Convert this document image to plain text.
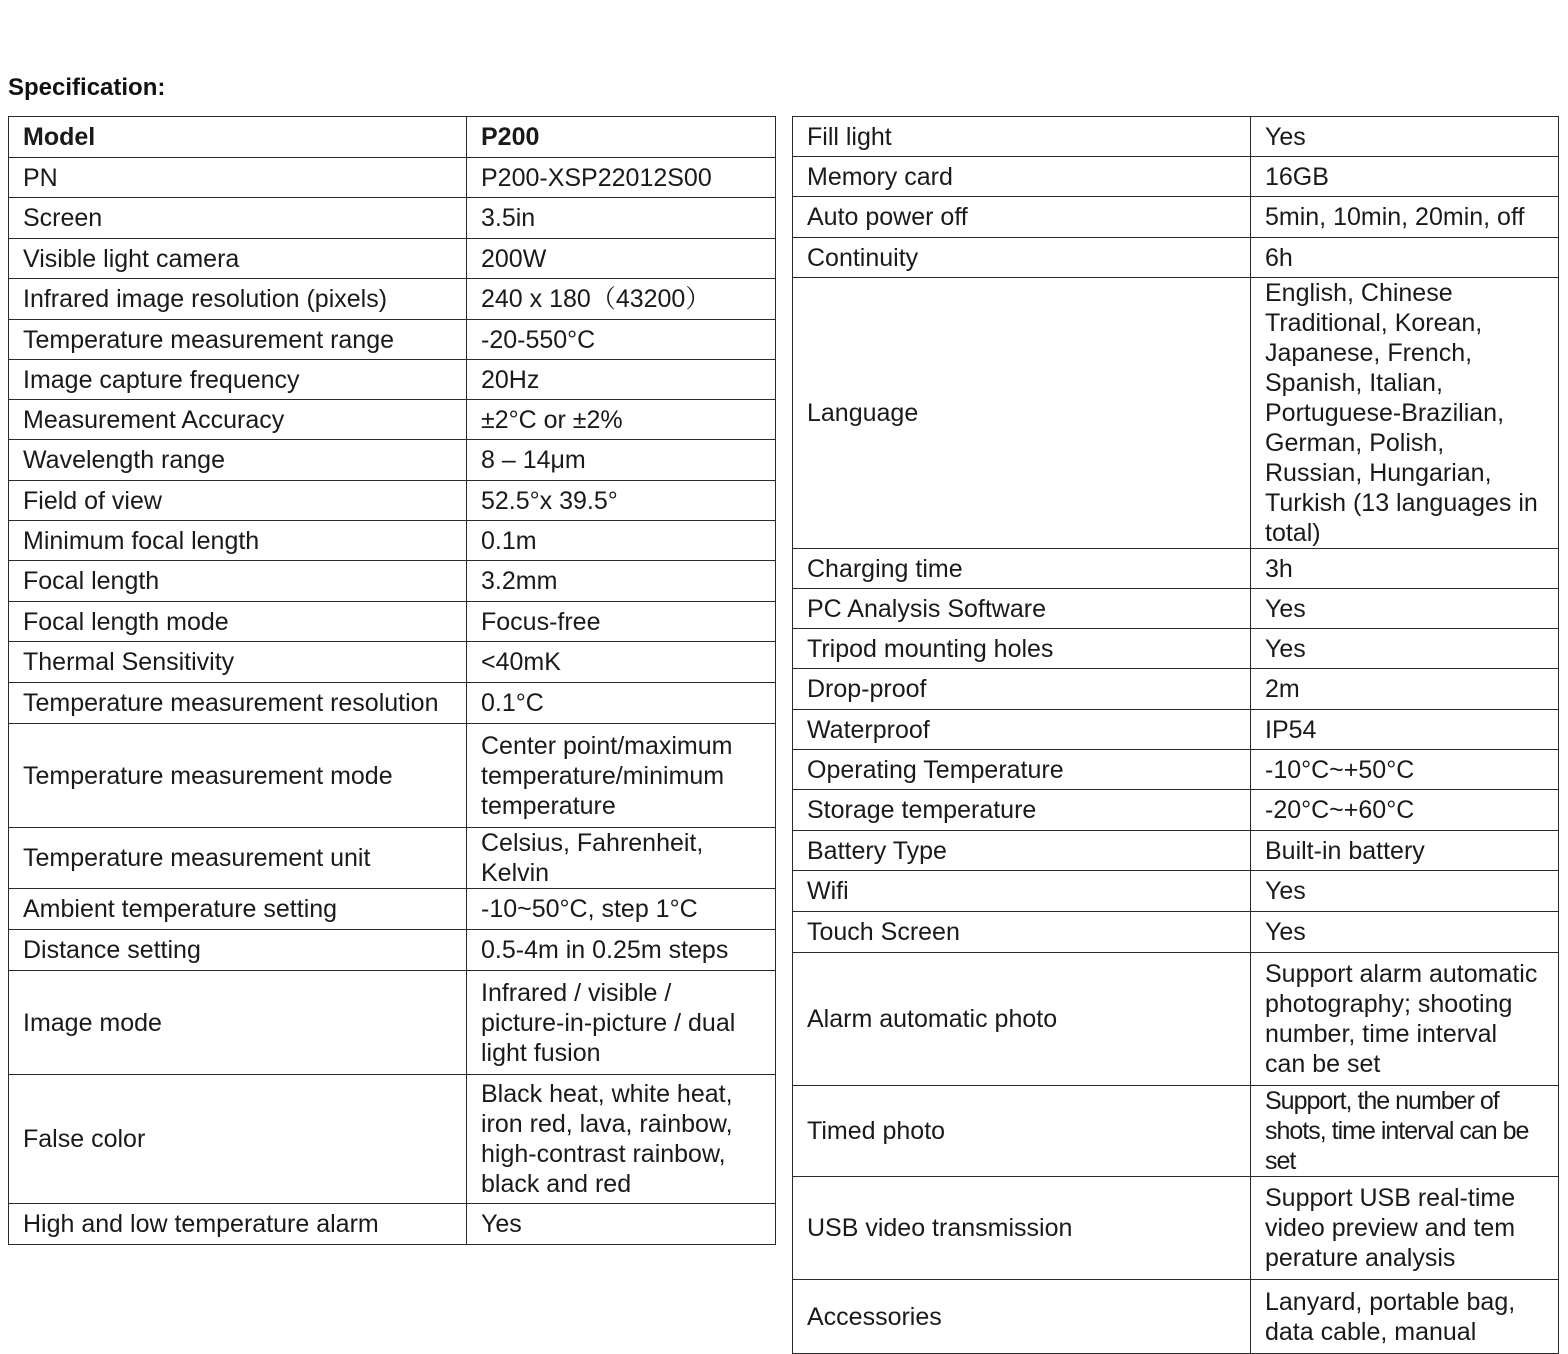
Specification:
Model	P200
PN	P200-XSP22012S00
Screen	3.5in
Visible light camera	200W
Infrared image resolution (pixels)	240 x 180（43200）
Temperature measurement range	-20-550°C
Image capture frequency	20Hz
Measurement Accuracy	±2°C or ±2%
Wavelength range	8 – 14μm
Field of view	52.5°x 39.5°
Minimum focal length	0.1m
Focal length	3.2mm
Focal length mode	Focus-free
Thermal Sensitivity	<40mK
Temperature measurement resolution	0.1°C
Temperature measurement mode	Center point/maximum temperature/minimum temperature
Temperature measurement unit	Celsius, Fahrenheit, Kelvin
Ambient temperature setting	-10~50°C, step 1°C
Distance setting	0.5-4m in 0.25m steps
Image mode	Infrared / visible / picture-in-picture / dual light fusion
False color	Black heat, white heat, iron red, lava, rainbow, high-contrast rainbow, black and red
High and low temperature alarm	Yes
Fill light	Yes
Memory card	16GB
Auto power off	5min, 10min, 20min, off
Continuity	6h
Language	English, Chinese Traditional, Korean, Japanese, French, Spanish, Italian, Portuguese-Brazilian, German, Polish, Russian, Hungarian, Turkish (13 languages in total)
Charging time	3h
PC Analysis Software	Yes
Tripod mounting holes	Yes
Drop-proof	2m
Waterproof	IP54
Operating Temperature	-10°C~+50°C
Storage temperature	-20°C~+60°C
Battery Type	Built-in battery
Wifi	Yes
Touch Screen	Yes
Alarm automatic photo	Support alarm automatic photography; shooting number, time interval can be set
Timed photo	Support, the number of shots, time interval can be set
USB video transmission	Support USB real-time video preview and tem perature analysis
Accessories	Lanyard, portable bag, data cable, manual
